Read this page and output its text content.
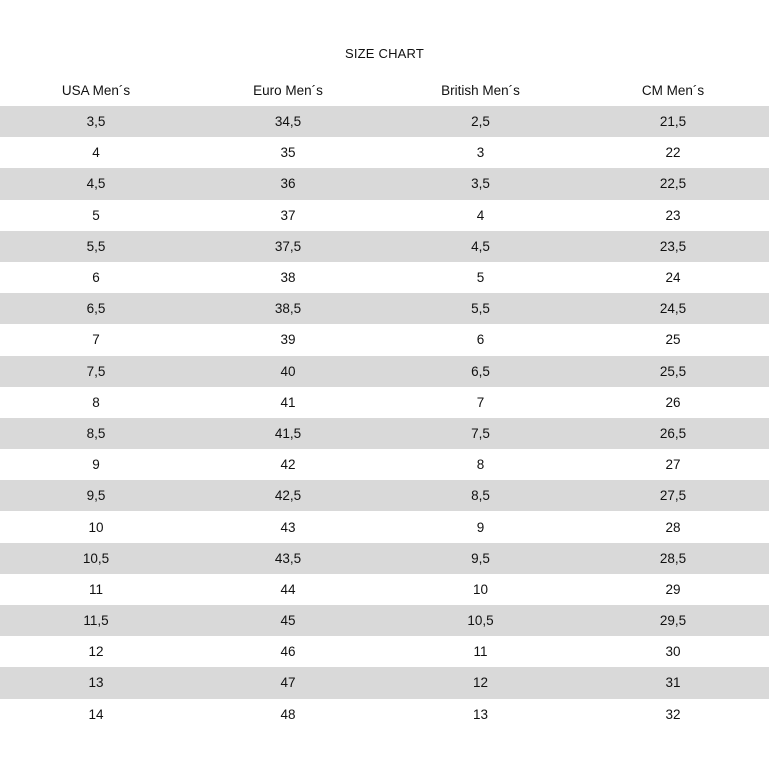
SIZE CHART
USA Men´s	Euro Men´s	British Men´s	CM Men´s
3,5	34,5	2,5	21,5
4	35	3	22
4,5	36	3,5	22,5
5	37	4	23
5,5	37,5	4,5	23,5
6	38	5	24
6,5	38,5	5,5	24,5
7	39	6	25
7,5	40	6,5	25,5
8	41	7	26
8,5	41,5	7,5	26,5
9	42	8	27
9,5	42,5	8,5	27,5
10	43	9	28
10,5	43,5	9,5	28,5
11	44	10	29
11,5	45	10,5	29,5
12	46	11	30
13	47	12	31
14	48	13	32
